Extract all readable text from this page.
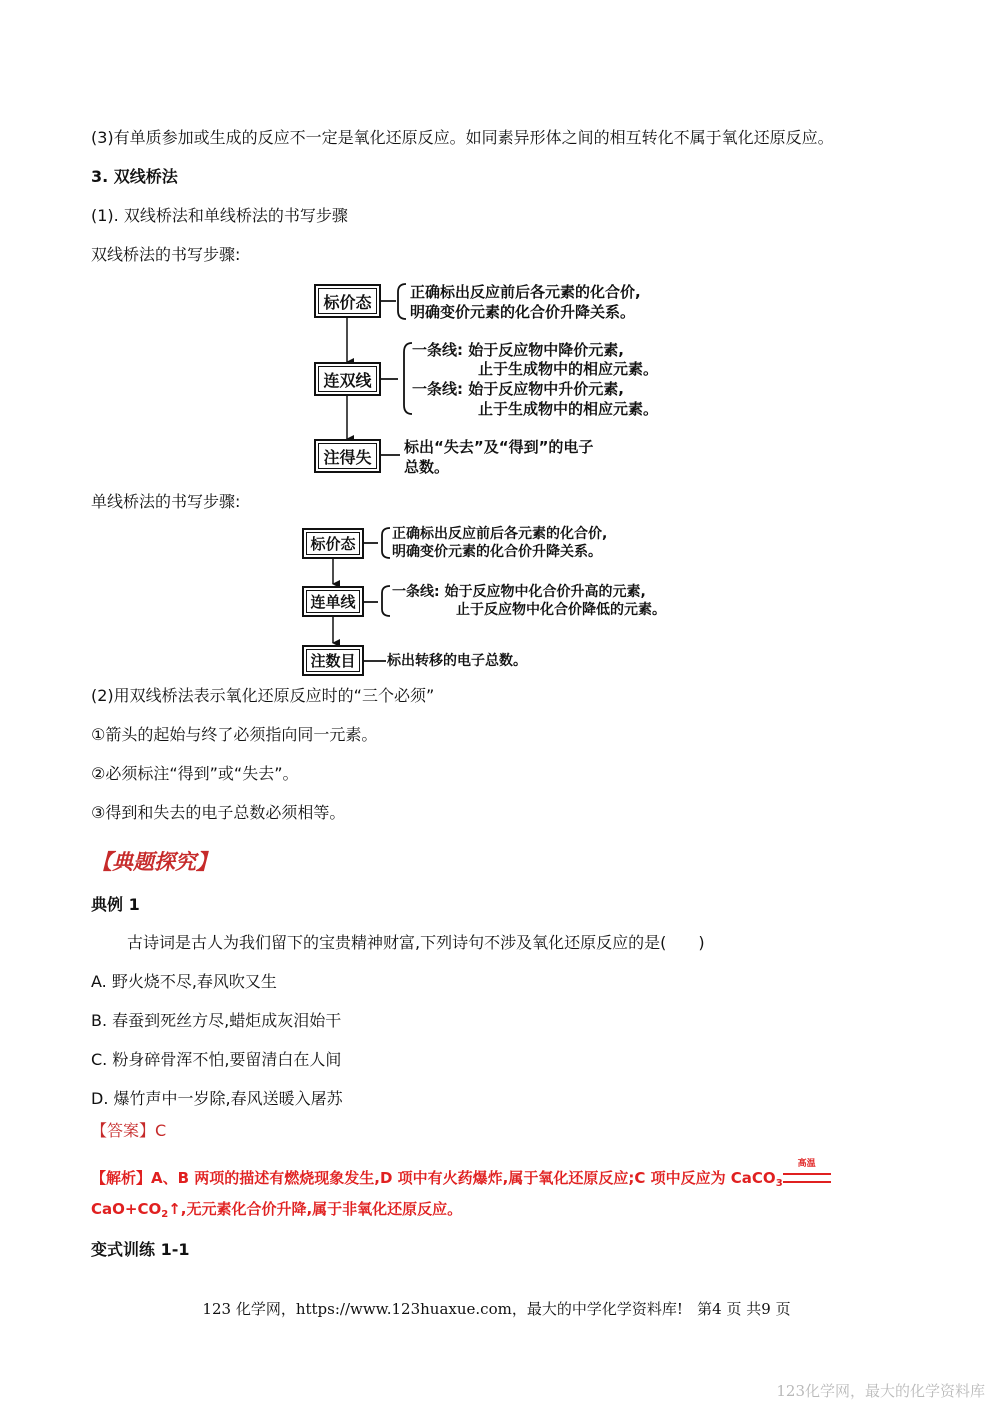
(3)有单质参加或生成的反应不一定是氧化还原反应。如同素异形体之间的相互转化不属于氧化还原反应。
3. 双线桥法
(1). 双线桥法和单线桥法的书写步骤
双线桥法的书写步骤:
标价态
正确标出反应前后各元素的化合价,
明确变价元素的化合价升降关系。
连双线
一条线: 始于反应物中降价元素,
止于生成物中的相应元素。
一条线: 始于反应物中升价元素,
止于生成物中的相应元素。
注得失
标出“失去”及“得到”的电子
总数。
单线桥法的书写步骤:
标价态
正确标出反应前后各元素的化合价,
明确变价元素的化合价升降关系。
连单线
一条线: 始于反应物中化合价升高的元素,
止于反应物中化合价降低的元素。
注数目 标出转移的电子总数。
(2)用双线桥法表示氧化还原反应时的“三个必须”
①箭头的起始与终了必须指向同一元素。
②必须标注“得到”或“失去”。
③得到和失去的电子总数必须相等。
【典题探究】
典例 1
古诗词是古人为我们留下的宝贵精神财富,下列诗句不涉及氧化还原反应的是(　　)
A. 野火烧不尽,春风吹又生
B. 春蚕到死丝方尽,蜡炬成灰泪始干
C. 粉身碎骨浑不怕,要留清白在人间
D. 爆竹声中一岁除,春风送暖入屠苏
【答案】C
【解析】A、B 两项的描述有燃烧现象发生,D 项中有火药爆炸,属于氧化还原反应;C 项中反应为 CaCO$_3$
高温
$CaO+CO_2↑$,无元素化合价升降,属于非氧化还原反应。
变式训练 1-1
123 化学网，https://www.123huaxue.com，最大的中学化学资料库! 第4 页 共9 页
123化学网，最大的化学资料库
